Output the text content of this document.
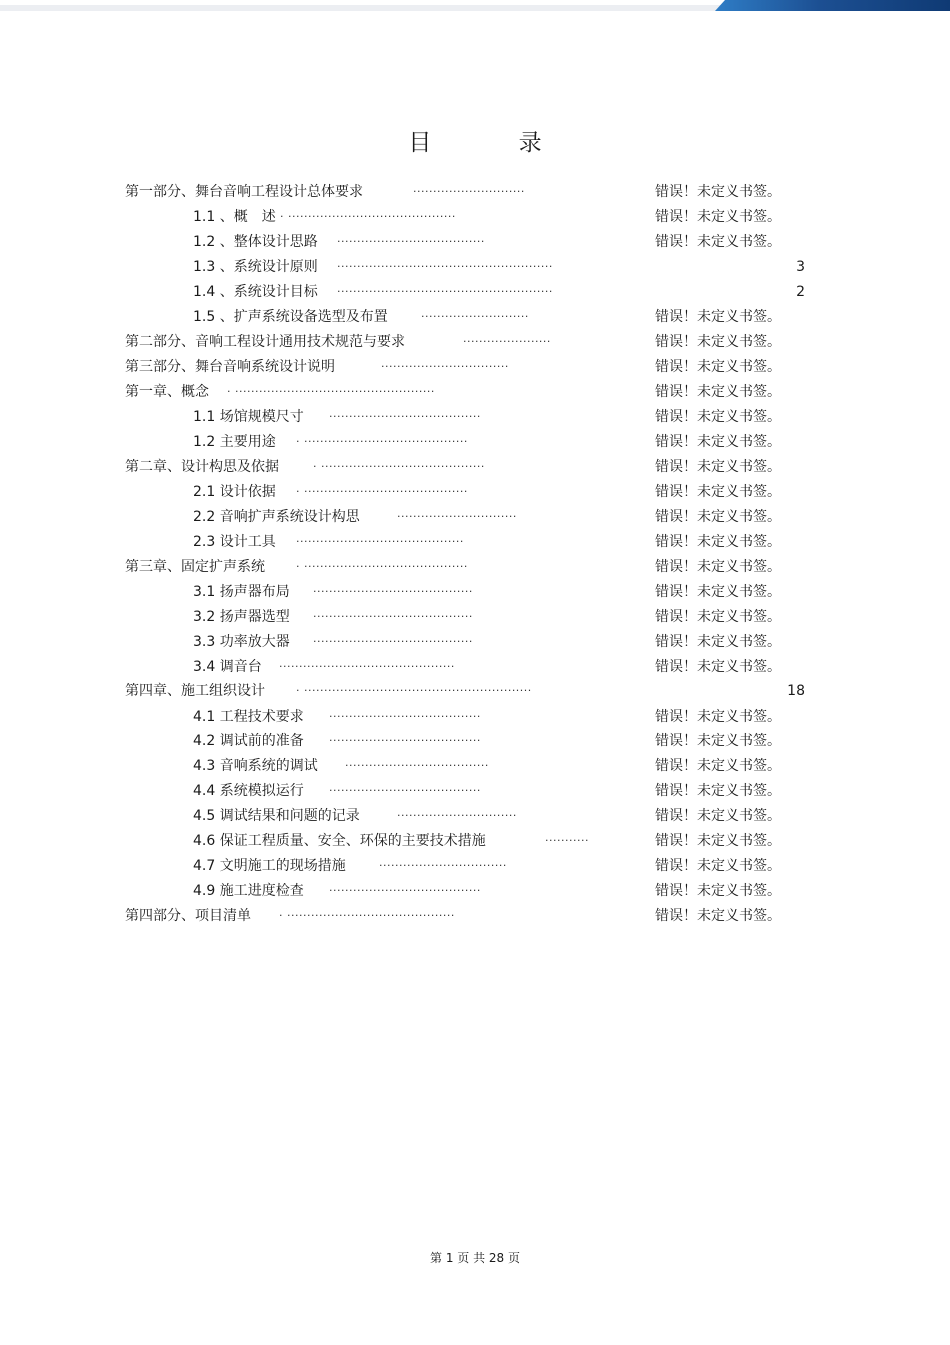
目 录
第一部分、舞台音响工程设计总体要求	............................	错误！未定义书签。
1.1 、概　述 . ..........................................	错误！未定义书签。
1.2 、整体设计思路 .....................................	错误！未定义书签。
1.3 、系统设计原则 ......................................................	3
1.4 、系统设计目标 ......................................................	2
1.5 、扩声系统设备选型及布置	...........................	错误！未定义书签。
第二部分、音响工程设计通用技术规范与要求	......................	错误！未定义书签。
第三部分、舞台音响系统设计说明	................................	错误！未定义书签。
第一章、概念 . ..................................................	错误！未定义书签。
1.1 场馆规模尺寸 ......................................	错误！未定义书签。
1.2 主要用途 . .........................................	错误！未定义书签。
第二章、设计构思及依据	. .........................................	错误！未定义书签。
2.1 设计依据 . .........................................	错误！未定义书签。
2.2 音响扩声系统设计构思	..............................	错误！未定义书签。
2.3 设计工具 ..........................................	错误！未定义书签。
第三章、固定扩声系统	. .........................................	错误！未定义书签。
3.1 扬声器布局 ........................................	错误！未定义书签。
3.2 扬声器选型 ........................................	错误！未定义书签。
3.3 功率放大器 ........................................	错误！未定义书签。
3.4 调音台 ............................................	错误！未定义书签。
第四章、施工组织设计	. .........................................................	18
4.1 工程技术要求 ......................................	错误！未定义书签。
4.2 调试前的准备 ......................................	错误！未定义书签。
4.3 音响系统的调试 ....................................	错误！未定义书签。
4.4 系统模拟运行 ......................................	错误！未定义书签。
4.5 调试结果和问题的记录	..............................	错误！未定义书签。
4.6 保证工程质量、安全、环保的主要技术措施	...........	错误！未定义书签。
4.7 文明施工的现场措施	................................	错误！未定义书签。
4.9 施工进度检查 ......................................	错误！未定义书签。
第四部分、项目清单	. ..........................................	错误！未定义书签。
第 1 页 共 28 页
